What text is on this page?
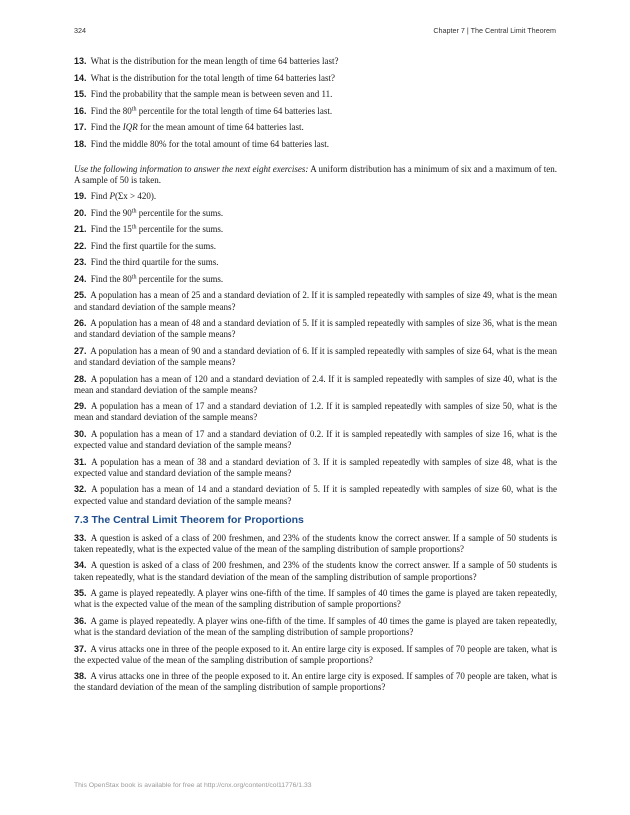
324	Chapter 7 | The Central Limit Theorem

13. What is the distribution for the mean length of time 64 batteries last?

14. What is the distribution for the total length of time 64 batteries last?

15. Find the probability that the sample mean is between seven and 11.

16. Find the 80th percentile for the total length of time 64 batteries last.

17. Find the IQR for the mean amount of time 64 batteries last.

18. Find the middle 80% for the total amount of time 64 batteries last.

Use the following information to answer the next eight exercises: A uniform distribution has a minimum of six and a maximum of ten. A sample of 50 is taken.

19. Find P(Σx > 420).

20. Find the 90th percentile for the sums.

21. Find the 15th percentile for the sums.

22. Find the first quartile for the sums.

23. Find the third quartile for the sums.

24. Find the 80th percentile for the sums.

25. A population has a mean of 25 and a standard deviation of 2. If it is sampled repeatedly with samples of size 49, what is the mean and standard deviation of the sample means?

26. A population has a mean of 48 and a standard deviation of 5. If it is sampled repeatedly with samples of size 36, what is the mean and standard deviation of the sample means?

27. A population has a mean of 90 and a standard deviation of 6. If it is sampled repeatedly with samples of size 64, what is the mean and standard deviation of the sample means?

28. A population has a mean of 120 and a standard deviation of 2.4. If it is sampled repeatedly with samples of size 40, what is the mean and standard deviation of the sample means?

29. A population has a mean of 17 and a standard deviation of 1.2. If it is sampled repeatedly with samples of size 50, what is the mean and standard deviation of the sample means?

30. A population has a mean of 17 and a standard deviation of 0.2. If it is sampled repeatedly with samples of size 16, what is the expected value and standard deviation of the sample means?

31. A population has a mean of 38 and a standard deviation of 3. If it is sampled repeatedly with samples of size 48, what is the expected value and standard deviation of the sample means?

32. A population has a mean of 14 and a standard deviation of 5. If it is sampled repeatedly with samples of size 60, what is the expected value and standard deviation of the sample means?

7.3 The Central Limit Theorem for Proportions

33. A question is asked of a class of 200 freshmen, and 23% of the students know the correct answer. If a sample of 50 students is taken repeatedly, what is the expected value of the mean of the sampling distribution of sample proportions?

34. A question is asked of a class of 200 freshmen, and 23% of the students know the correct answer. If a sample of 50 students is taken repeatedly, what is the standard deviation of the mean of the sampling distribution of sample proportions?

35. A game is played repeatedly. A player wins one-fifth of the time. If samples of 40 times the game is played are taken repeatedly, what is the expected value of the mean of the sampling distribution of sample proportions?

36. A game is played repeatedly. A player wins one-fifth of the time. If samples of 40 times the game is played are taken repeatedly, what is the standard deviation of the mean of the sampling distribution of sample proportions?

37. A virus attacks one in three of the people exposed to it. An entire large city is exposed. If samples of 70 people are taken, what is the expected value of the mean of the sampling distribution of sample proportions?

38. A virus attacks one in three of the people exposed to it. An entire large city is exposed. If samples of 70 people are taken, what is the standard deviation of the mean of the sampling distribution of sample proportions?

This OpenStax book is available for free at http://cnx.org/content/col11776/1.33
